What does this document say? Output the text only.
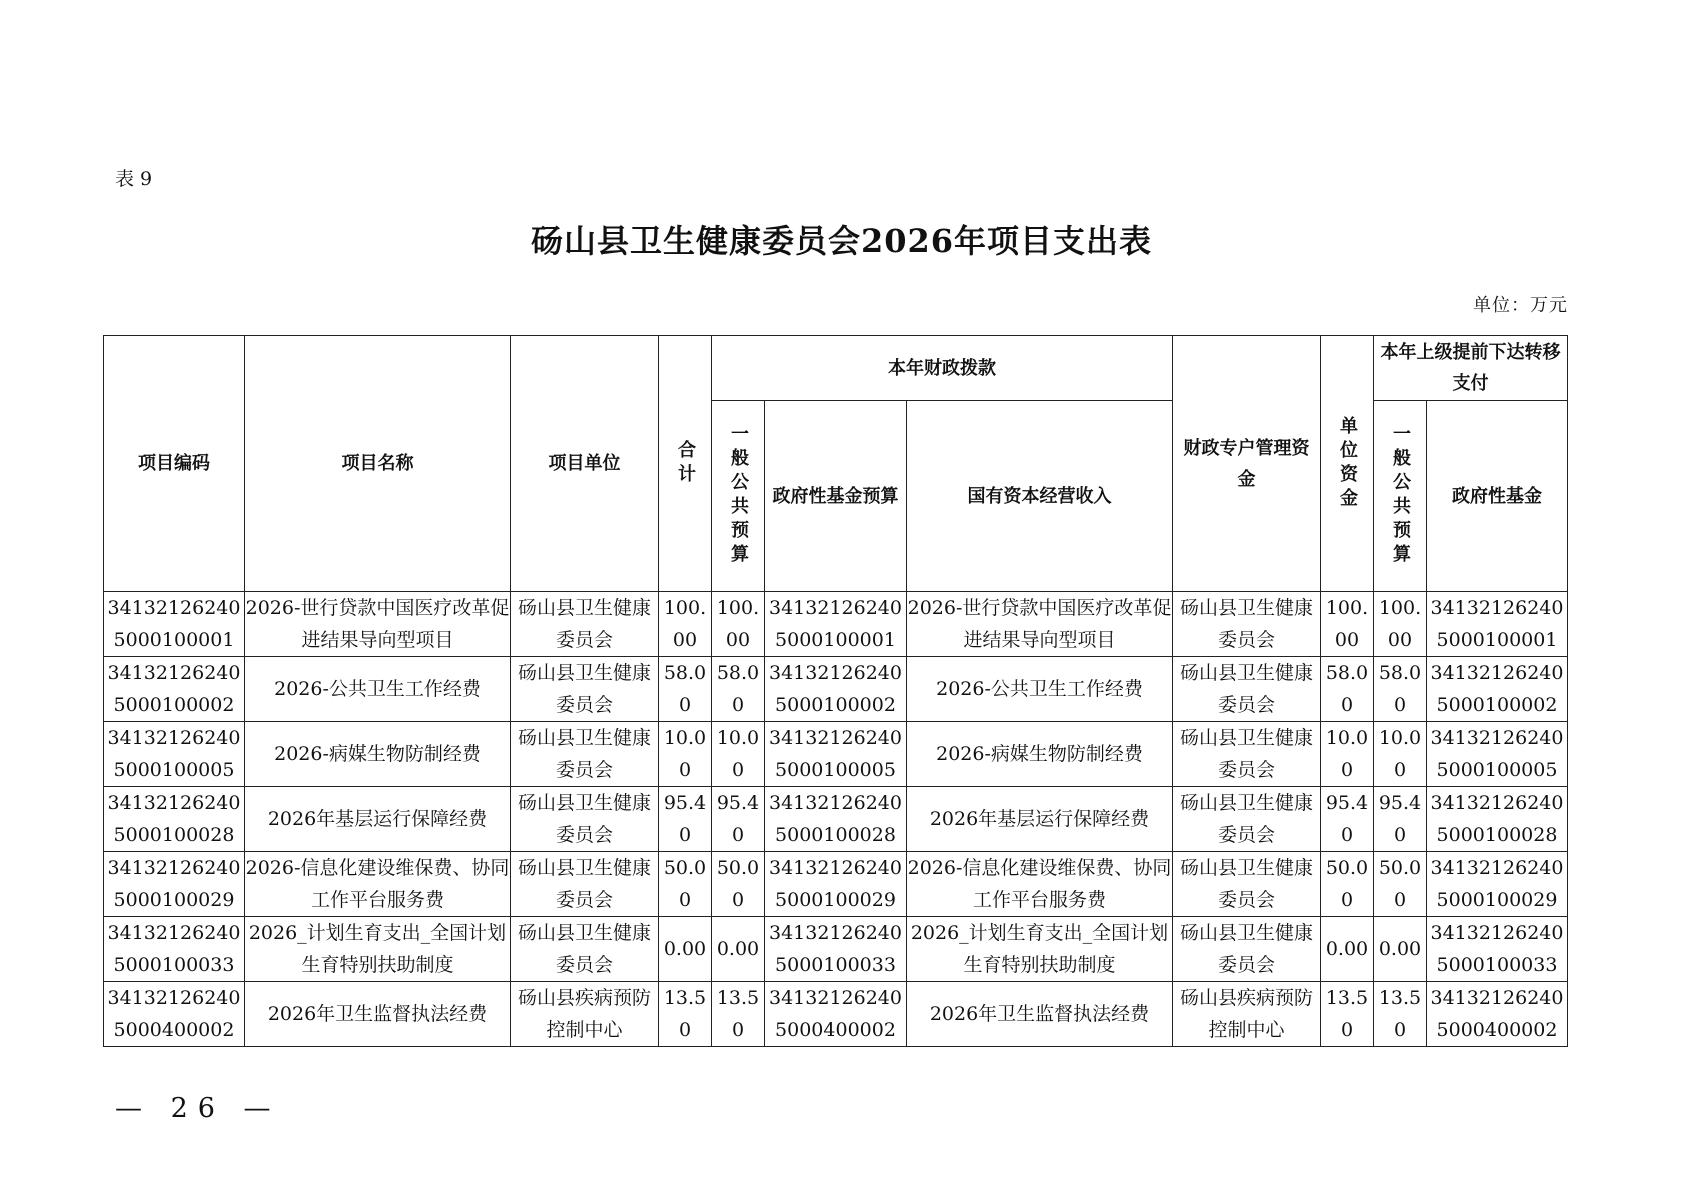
表 9
砀山县卫生健康委员会2026年项目支出表
单位：万元
项目编码	项目名称	项目单位	合计	本年财政拨款			财政专户管理资金	单位资金	本年上级提前下达转移支付	

				一般公共预算	政府性基金预算	国有资本经营收入			一般公共预算	政府性基金
341321262405000100001	2026-世行贷款中国医疗改革促进结果导向型项目	砀山县卫生健康委员会	100.00	100.00	341321262405000100001	2026-世行贷款中国医疗改革促进结果导向型项目	砀山县卫生健康委员会	100.00	100.00	341321262405000100001
341321262405000100002	2026-公共卫生工作经费	砀山县卫生健康委员会	58.00	58.00	341321262405000100002	2026-公共卫生工作经费	砀山县卫生健康委员会	58.00	58.00	341321262405000100002
341321262405000100005	2026-病媒生物防制经费	砀山县卫生健康委员会	10.00	10.00	341321262405000100005	2026-病媒生物防制经费	砀山县卫生健康委员会	10.00	10.00	341321262405000100005
341321262405000100028	2026年基层运行保障经费	砀山县卫生健康委员会	95.40	95.40	341321262405000100028	2026年基层运行保障经费	砀山县卫生健康委员会	95.40	95.40	341321262405000100028
341321262405000100029	2026-信息化建设维保费、协同工作平台服务费	砀山县卫生健康委员会	50.00	50.00	341321262405000100029	2026-信息化建设维保费、协同工作平台服务费	砀山县卫生健康委员会	50.00	50.00	341321262405000100029
341321262405000100033	2026_计划生育支出_全国计划生育特别扶助制度	砀山县卫生健康委员会	0.00	0.00	341321262405000100033	2026_计划生育支出_全国计划生育特别扶助制度	砀山县卫生健康委员会	0.00	0.00	341321262405000100033
341321262405000400002	2026年卫生监督执法经费	砀山县疾病预防控制中心	13.50	13.50	341321262405000400002	2026年卫生监督执法经费	砀山县疾病预防控制中心	13.50	13.50	341321262405000400002
— 26 —
